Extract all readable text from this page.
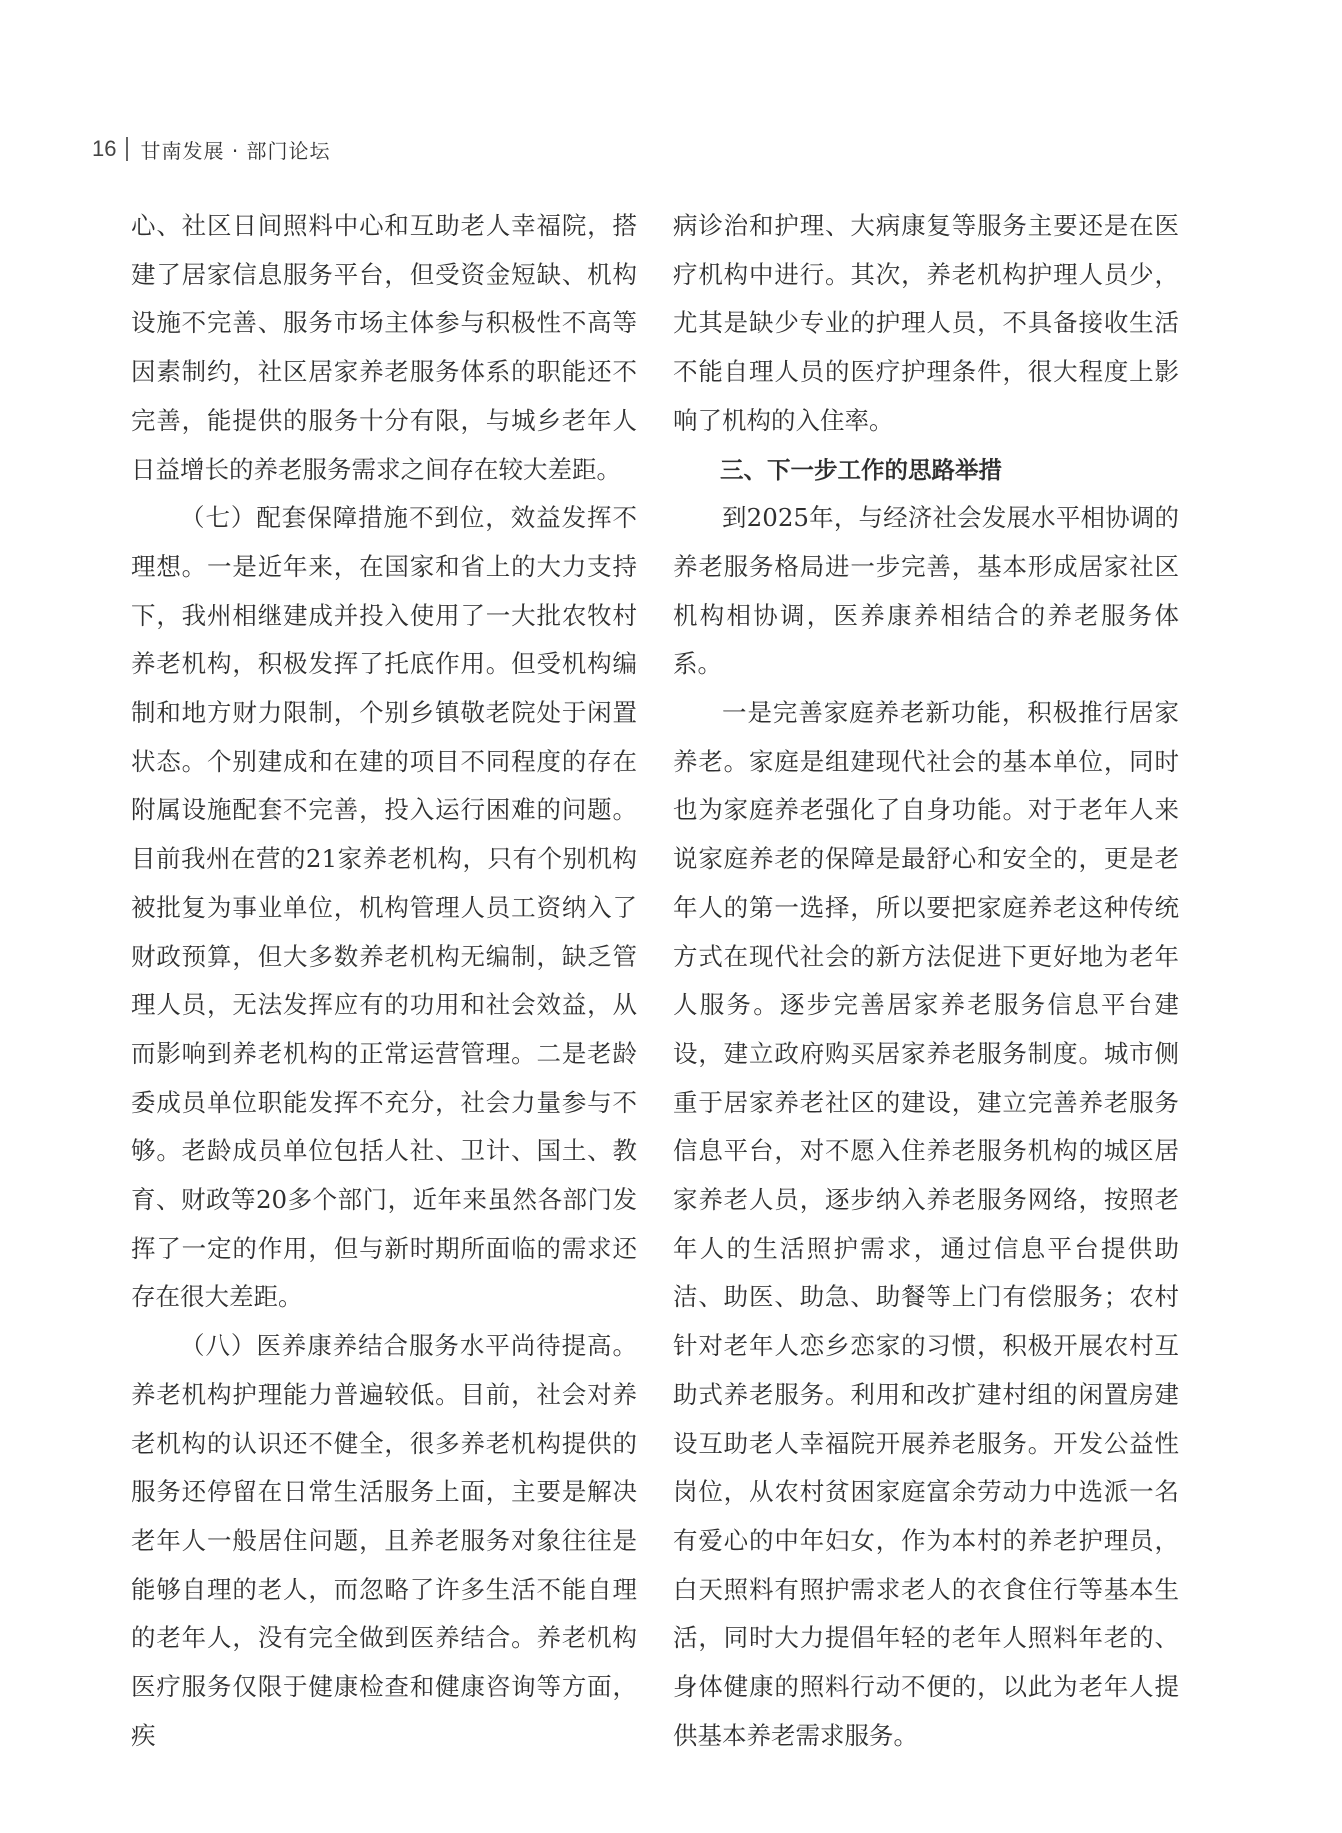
16 甘南发展 · 部门论坛

心、社区日间照料中心和互助老人幸福院，搭建了居家信息服务平台，但受资金短缺、机构设施不完善、服务市场主体参与积极性不高等因素制约，社区居家养老服务体系的职能还不完善，能提供的服务十分有限，与城乡老年人日益增长的养老服务需求之间存在较大差距。

（七）配套保障措施不到位，效益发挥不理想。一是近年来，在国家和省上的大力支持下，我州相继建成并投入使用了一大批农牧村养老机构，积极发挥了托底作用。但受机构编制和地方财力限制，个别乡镇敬老院处于闲置状态。个别建成和在建的项目不同程度的存在附属设施配套不完善，投入运行困难的问题。目前我州在营的21家养老机构，只有个别机构被批复为事业单位，机构管理人员工资纳入了财政预算，但大多数养老机构无编制，缺乏管理人员，无法发挥应有的功用和社会效益，从而影响到养老机构的正常运营管理。二是老龄委成员单位职能发挥不充分，社会力量参与不够。老龄成员单位包括人社、卫计、国土、教育、财政等20多个部门，近年来虽然各部门发挥了一定的作用，但与新时期所面临的需求还存在很大差距。

（八）医养康养结合服务水平尚待提高。养老机构护理能力普遍较低。目前，社会对养老机构的认识还不健全，很多养老机构提供的服务还停留在日常生活服务上面，主要是解决老年人一般居住问题，且养老服务对象往往是能够自理的老人，而忽略了许多生活不能自理的老年人，没有完全做到医养结合。养老机构医疗服务仅限于健康检查和健康咨询等方面，疾

病诊治和护理、大病康复等服务主要还是在医疗机构中进行。其次，养老机构护理人员少，尤其是缺少专业的护理人员，不具备接收生活不能自理人员的医疗护理条件，很大程度上影响了机构的入住率。

三、下一步工作的思路举措

到2025年，与经济社会发展水平相协调的养老服务格局进一步完善，基本形成居家社区机构相协调，医养康养相结合的养老服务体系。

一是完善家庭养老新功能，积极推行居家养老。家庭是组建现代社会的基本单位，同时也为家庭养老强化了自身功能。对于老年人来说家庭养老的保障是最舒心和安全的，更是老年人的第一选择，所以要把家庭养老这种传统方式在现代社会的新方法促进下更好地为老年人服务。逐步完善居家养老服务信息平台建设，建立政府购买居家养老服务制度。城市侧重于居家养老社区的建设，建立完善养老服务信息平台，对不愿入住养老服务机构的城区居家养老人员，逐步纳入养老服务网络，按照老年人的生活照护需求，通过信息平台提供助洁、助医、助急、助餐等上门有偿服务；农村针对老年人恋乡恋家的习惯，积极开展农村互助式养老服务。利用和改扩建村组的闲置房建设互助老人幸福院开展养老服务。开发公益性岗位，从农村贫困家庭富余劳动力中选派一名有爱心的中年妇女，作为本村的养老护理员，白天照料有照护需求老人的衣食住行等基本生活，同时大力提倡年轻的老年人照料年老的、身体健康的照料行动不便的，以此为老年人提供基本养老需求服务。
